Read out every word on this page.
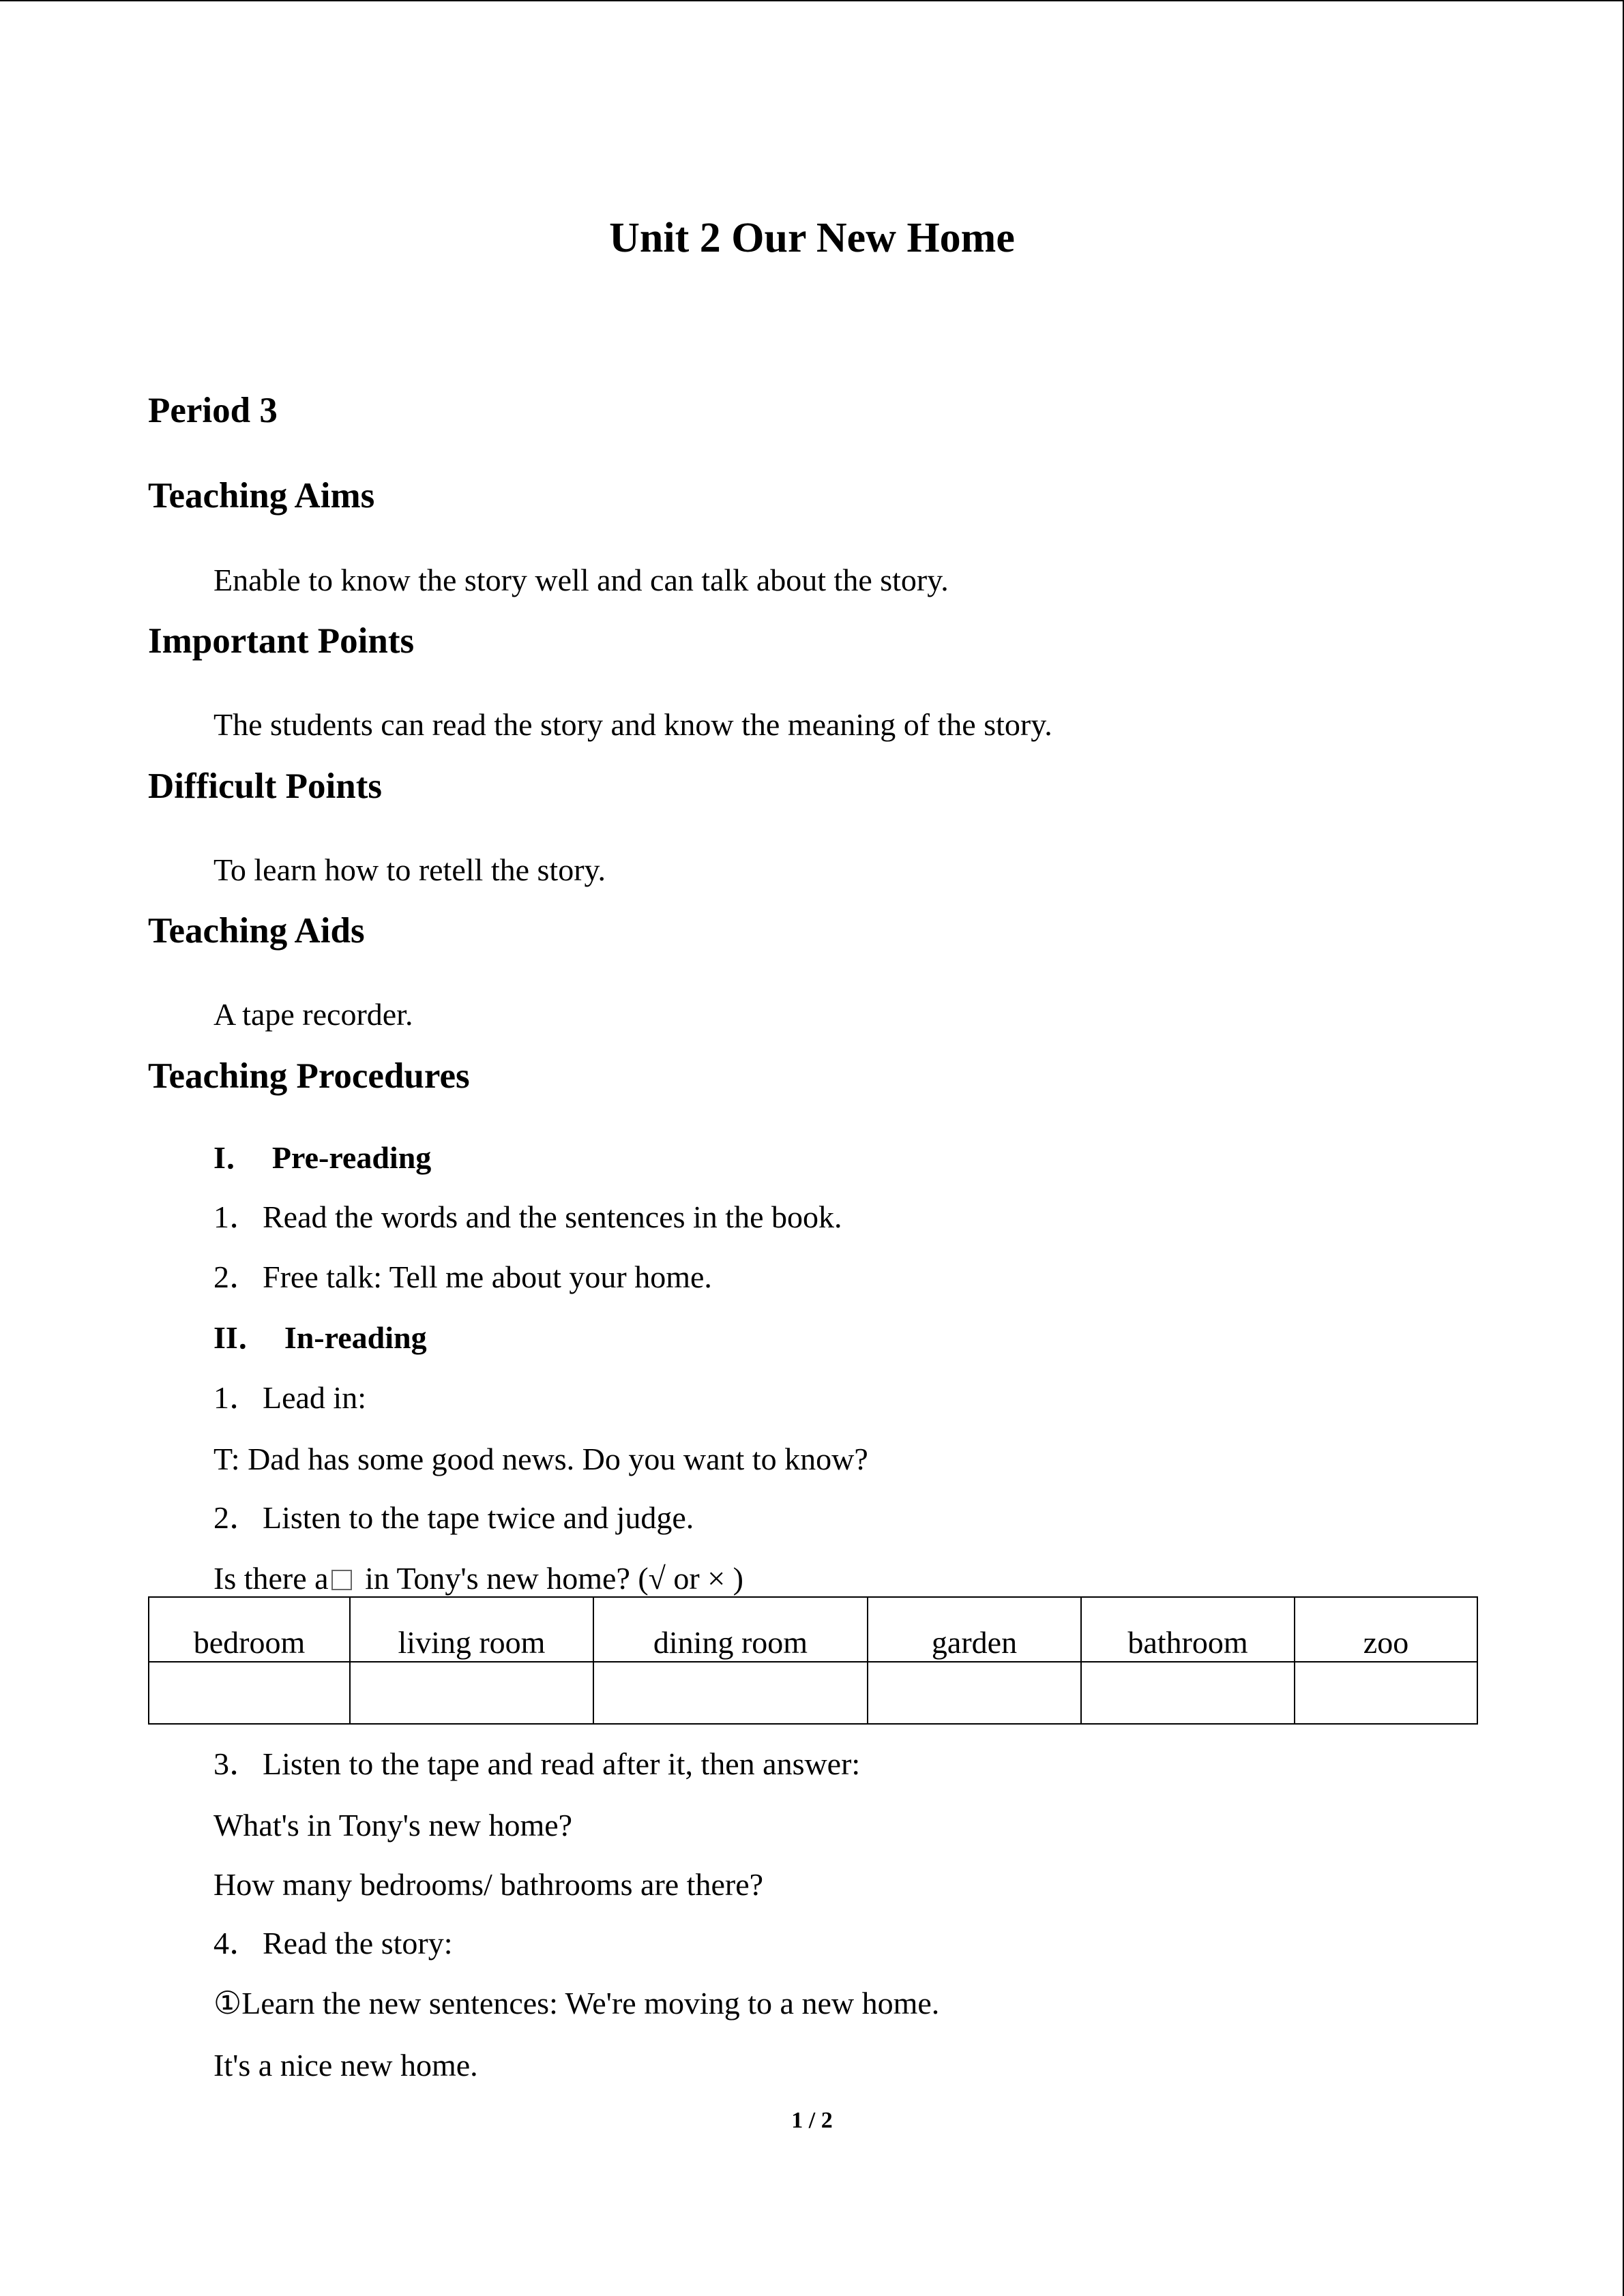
Unit 2 Our New Home
Period 3
Teaching Aims
Enable to know the story well and can talk about the story.
Important Points
The students can read the story and know the meaning of the story.
Difficult Points
To learn how to retell the story.
Teaching Aids
A tape recorder.
Teaching Procedures
I． Pre-reading
1．Read the words and the sentences in the book.
2．Free talk: Tell me about your home.
II． In-reading
1．Lead in:
T: Dad has some good news. Do you want to know?
2．Listen to the tape twice and judge.
Is there a in Tony's new home? (√ or × )
bedroom	living room	dining room	garden	bathroom	zoo

3．Listen to the tape and read after it, then answer:
What's in Tony's new home?
How many bedrooms/ bathrooms are there?
4．Read the story:
①Learn the new sentences: We're moving to a new home.
It's a nice new home.
1 / 2
